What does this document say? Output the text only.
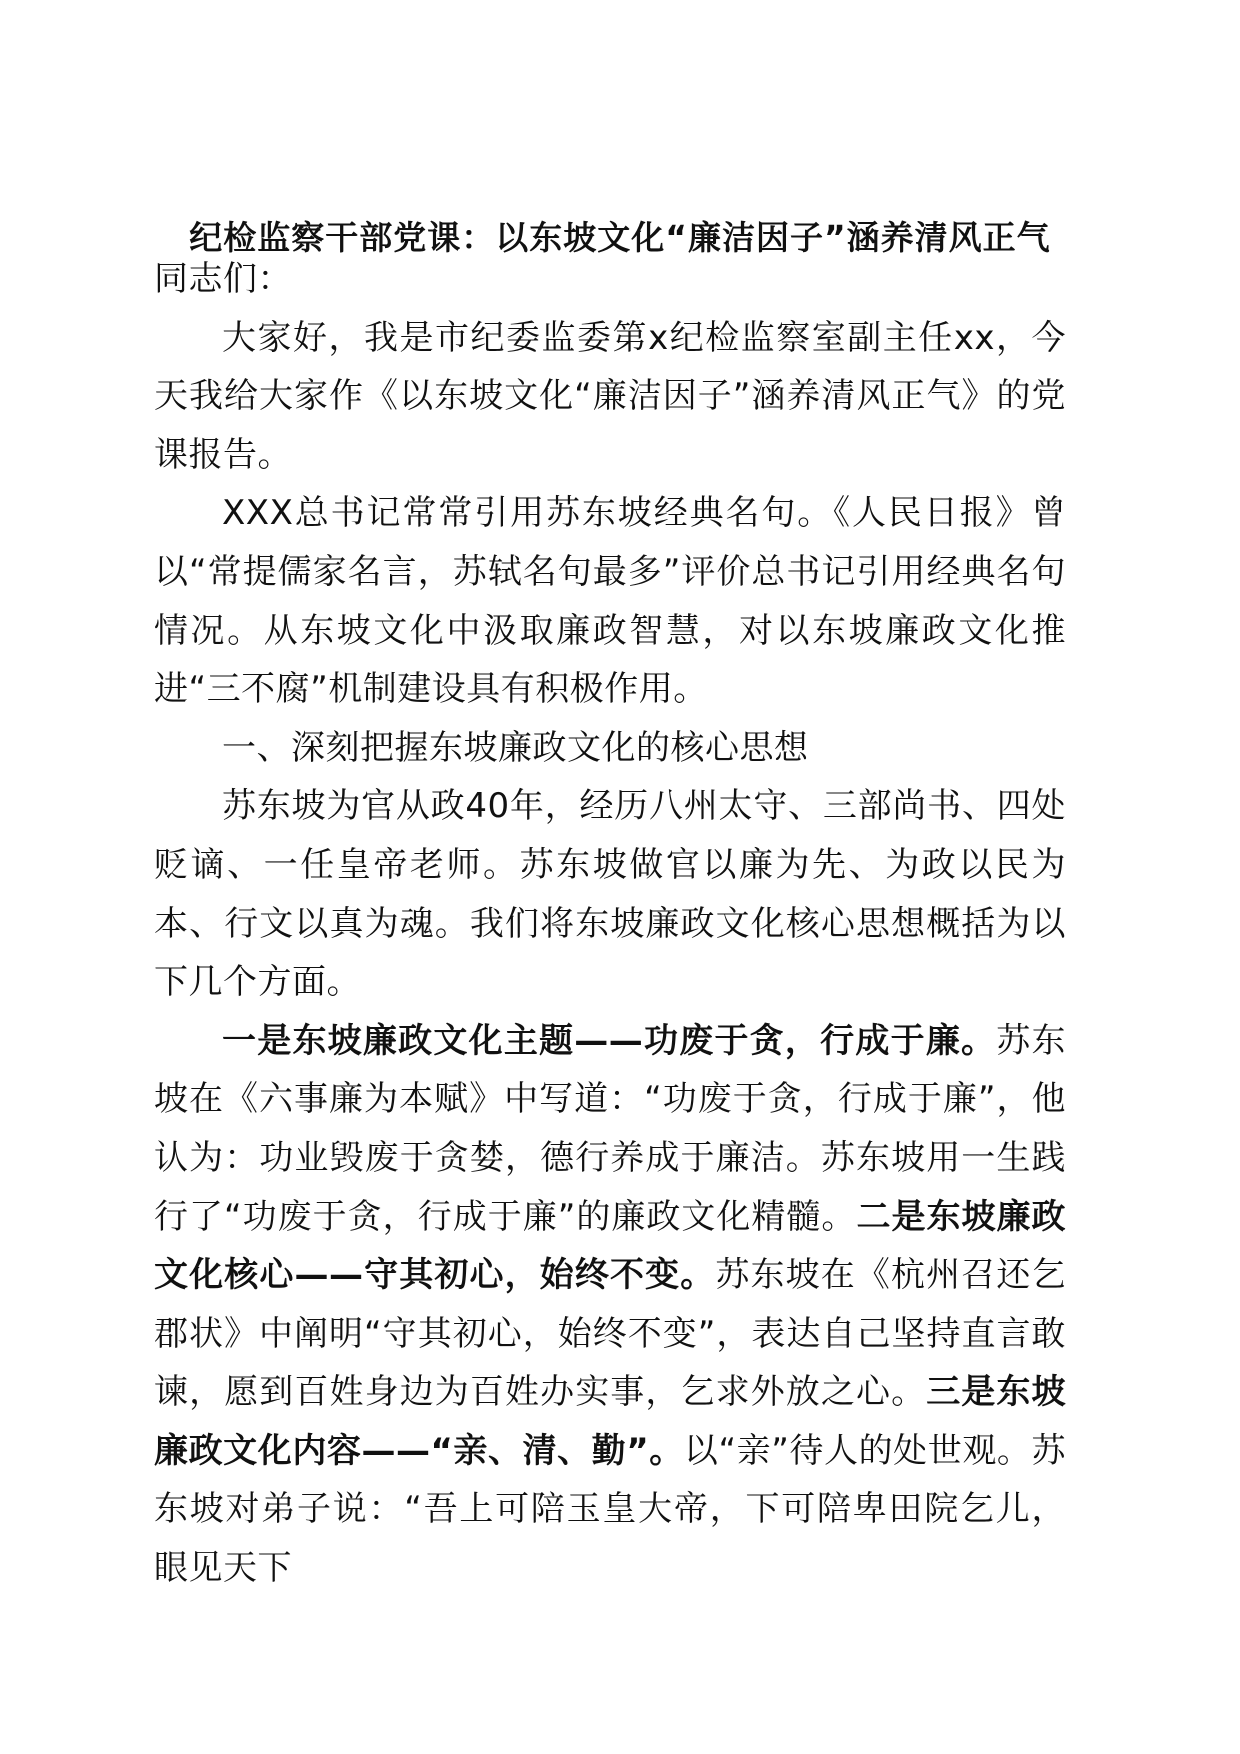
纪检监察干部党课：以东坡文化“廉洁因子”涵养清风正气

同志们：

大家好，我是市纪委监委第x纪检监察室副主任xx，今天我给大家作《以东坡文化“廉洁因子”涵养清风正气》的党课报告。

XXX总书记常常引用苏东坡经典名句。《人民日报》曾以“常提儒家名言，苏轼名句最多”评价总书记引用经典名句情况。从东坡文化中汲取廉政智慧，对以东坡廉政文化推进“三不腐”机制建设具有积极作用。

一、深刻把握东坡廉政文化的核心思想

苏东坡为官从政40年，经历八州太守、三部尚书、四处贬谪、一任皇帝老师。苏东坡做官以廉为先、为政以民为本、行文以真为魂。我们将东坡廉政文化核心思想概括为以下几个方面。

一是东坡廉政文化主题——功废于贪，行成于廉。苏东坡在《六事廉为本赋》中写道：“功废于贪，行成于廉”，他认为：功业毁废于贪婪，德行养成于廉洁。苏东坡用一生践行了“功废于贪，行成于廉”的廉政文化精髓。二是东坡廉政文化核心——守其初心，始终不变。苏东坡在《杭州召还乞郡状》中阐明“守其初心，始终不变”，表达自己坚持直言敢谏，愿到百姓身边为百姓办实事，乞求外放之心。三是东坡廉政文化内容——“亲、清、勤”。以“亲”待人的处世观。苏东坡对弟子说：“吾上可陪玉皇大帝，下可陪卑田院乞儿，眼见天下
